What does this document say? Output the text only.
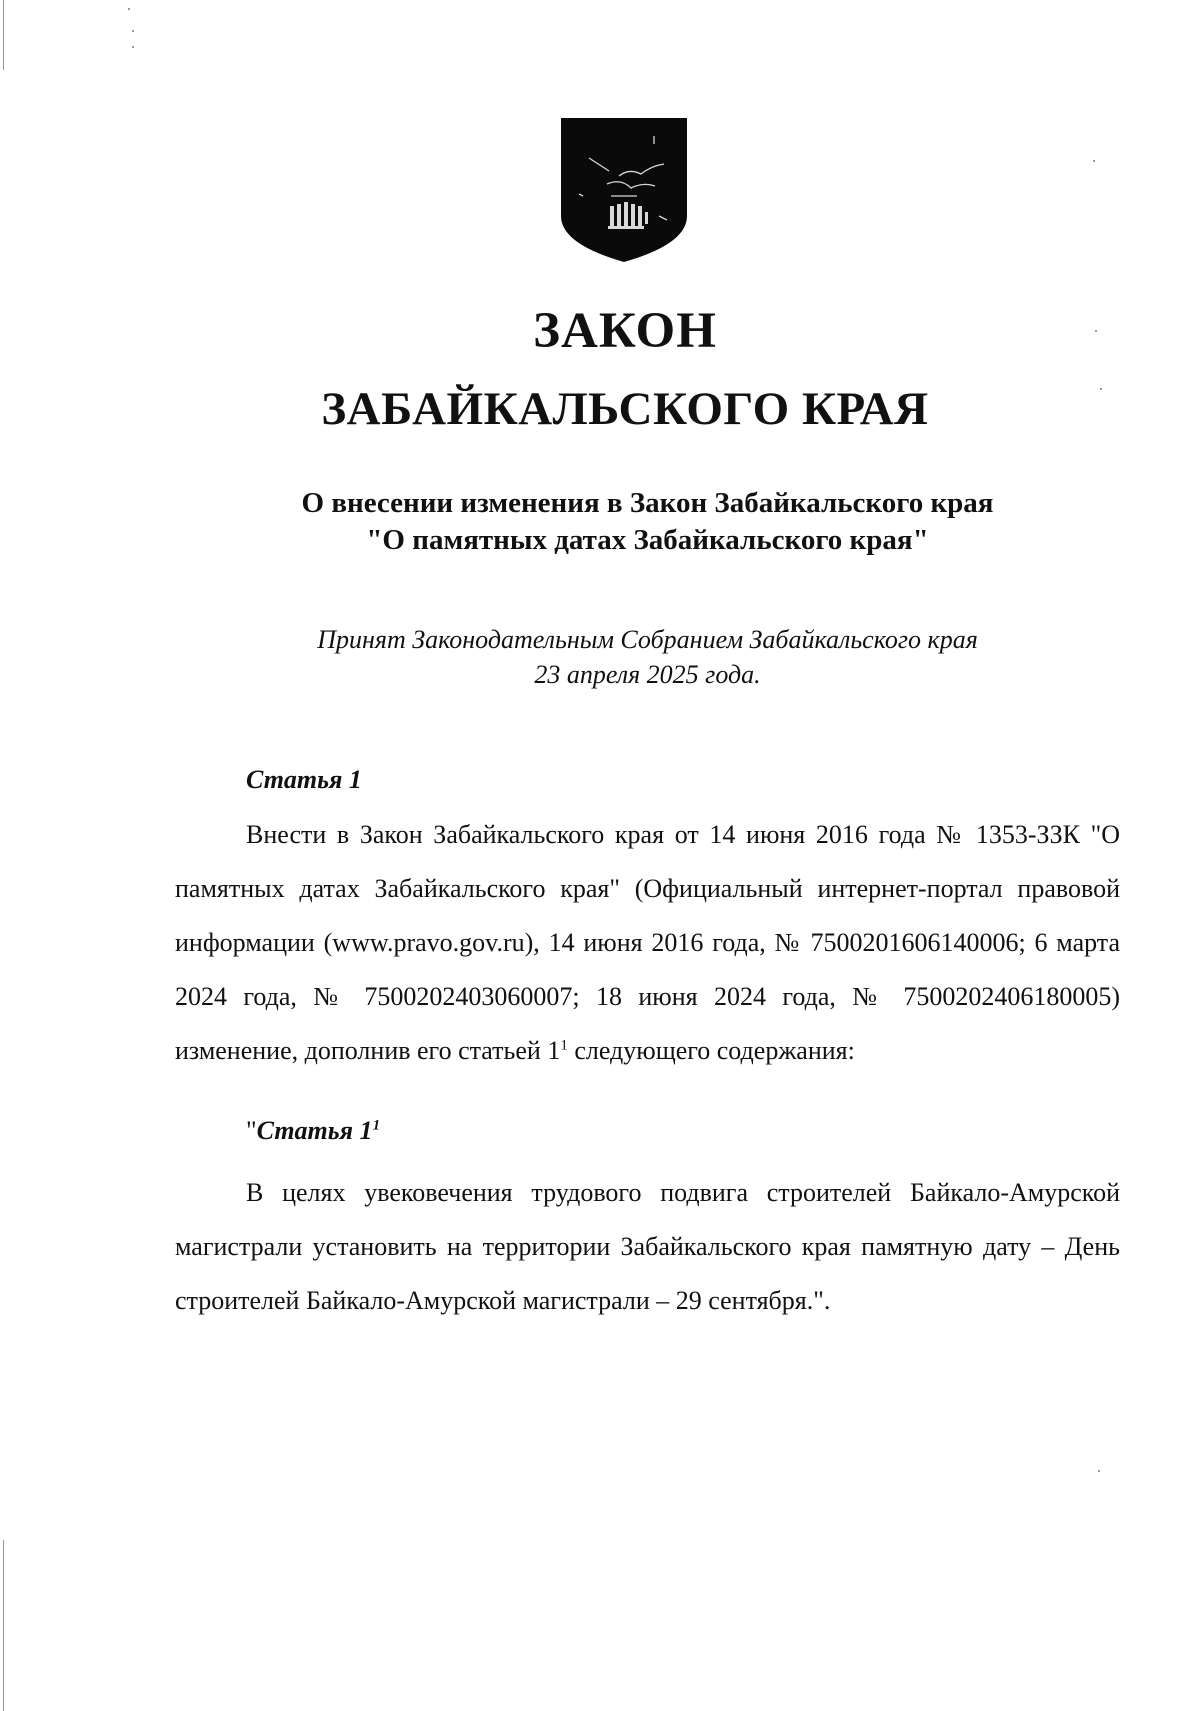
ЗАКОН
ЗАБАЙКАЛЬСКОГО КРАЯ
О внесении изменения в Закон Забайкальского края
"О памятных датах Забайкальского края"
Принят Законодательным Собранием Забайкальского края
23 апреля 2025 года.

Статья 1

Внести в Закон Забайкальского края от 14 июня 2016 года № 1353-ЗЗК "О памятных датах Забайкальского края" (Официальный интернет-портал правовой информации (www.pravo.gov.ru), 14 июня 2016 года, № 7500201606140006; 6 марта 2024 года, № 7500202403060007; 18 июня 2024 года, № 7500202406180005) изменение, дополнив его статьей $1^1$ следующего содержания:

"Статья $1^1$

В целях увековечения трудового подвига строителей Байкало-Амурской магистрали установить на территории Забайкальского края памятную дату – День строителей Байкало-Амурской магистрали – 29 сентября.".
